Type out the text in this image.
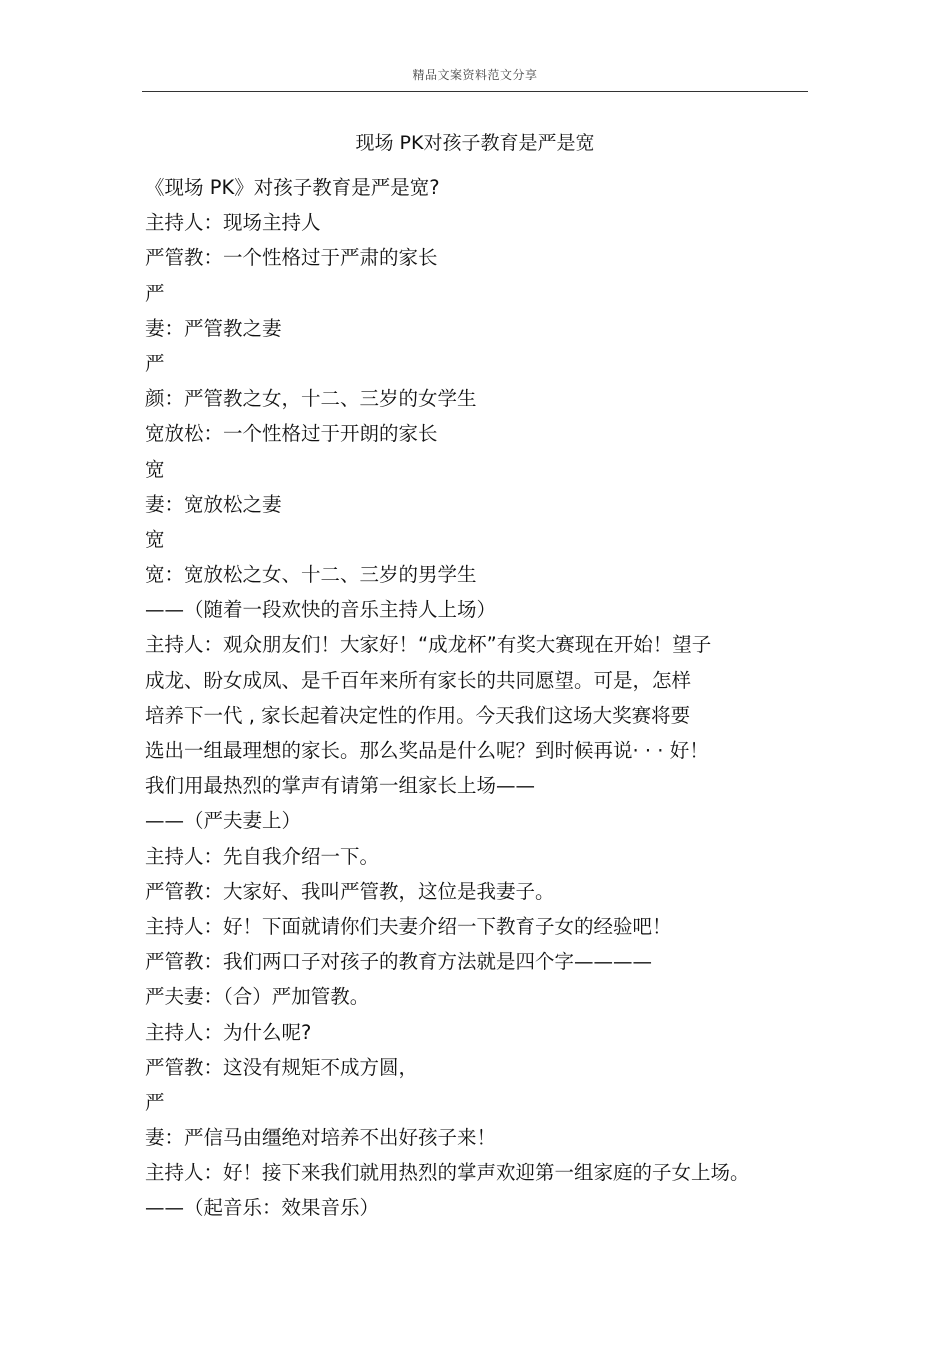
精品文案资料范文分享
现场 PK对孩子教育是严是宽
《现场 PK》对孩子教育是严是宽?
主持人：现场主持人
严管教：一个性格过于严肃的家长
严
妻：严管教之妻
严
颜：严管教之女，十二、三岁的女学生
宽放松：一个性格过于开朗的家长
宽
妻：宽放松之妻
宽
宽：宽放松之女、十二、三岁的男学生
——（随着一段欢快的音乐主持人上场）
主持人：观众朋友们！大家好！“成龙杯”有奖大赛现在开始！望子
成龙、盼女成凤、是千百年来所有家长的共同愿望。可是，怎样
培养下一代 , 家长起着决定性的作用。今天我们这场大奖赛将要
选出一组最理想的家长。那么奖品是什么呢？到时候再说· · · 好！
我们用最热烈的掌声有请第一组家长上场——
——（严夫妻上）
主持人：先自我介绍一下。
严管教：大家好、我叫严管教，这位是我妻子。
主持人：好！下面就请你们夫妻介绍一下教育子女的经验吧！
严管教：我们两口子对孩子的教育方法就是四个字————
严夫妻：（合）严加管教。
主持人：为什么呢?
严管教：这没有规矩不成方圆，
严
妻：严信马由缰绝对培养不出好孩子来！
主持人：好！接下来我们就用热烈的掌声欢迎第一组家庭的子女上场。
——（起音乐：效果音乐）
